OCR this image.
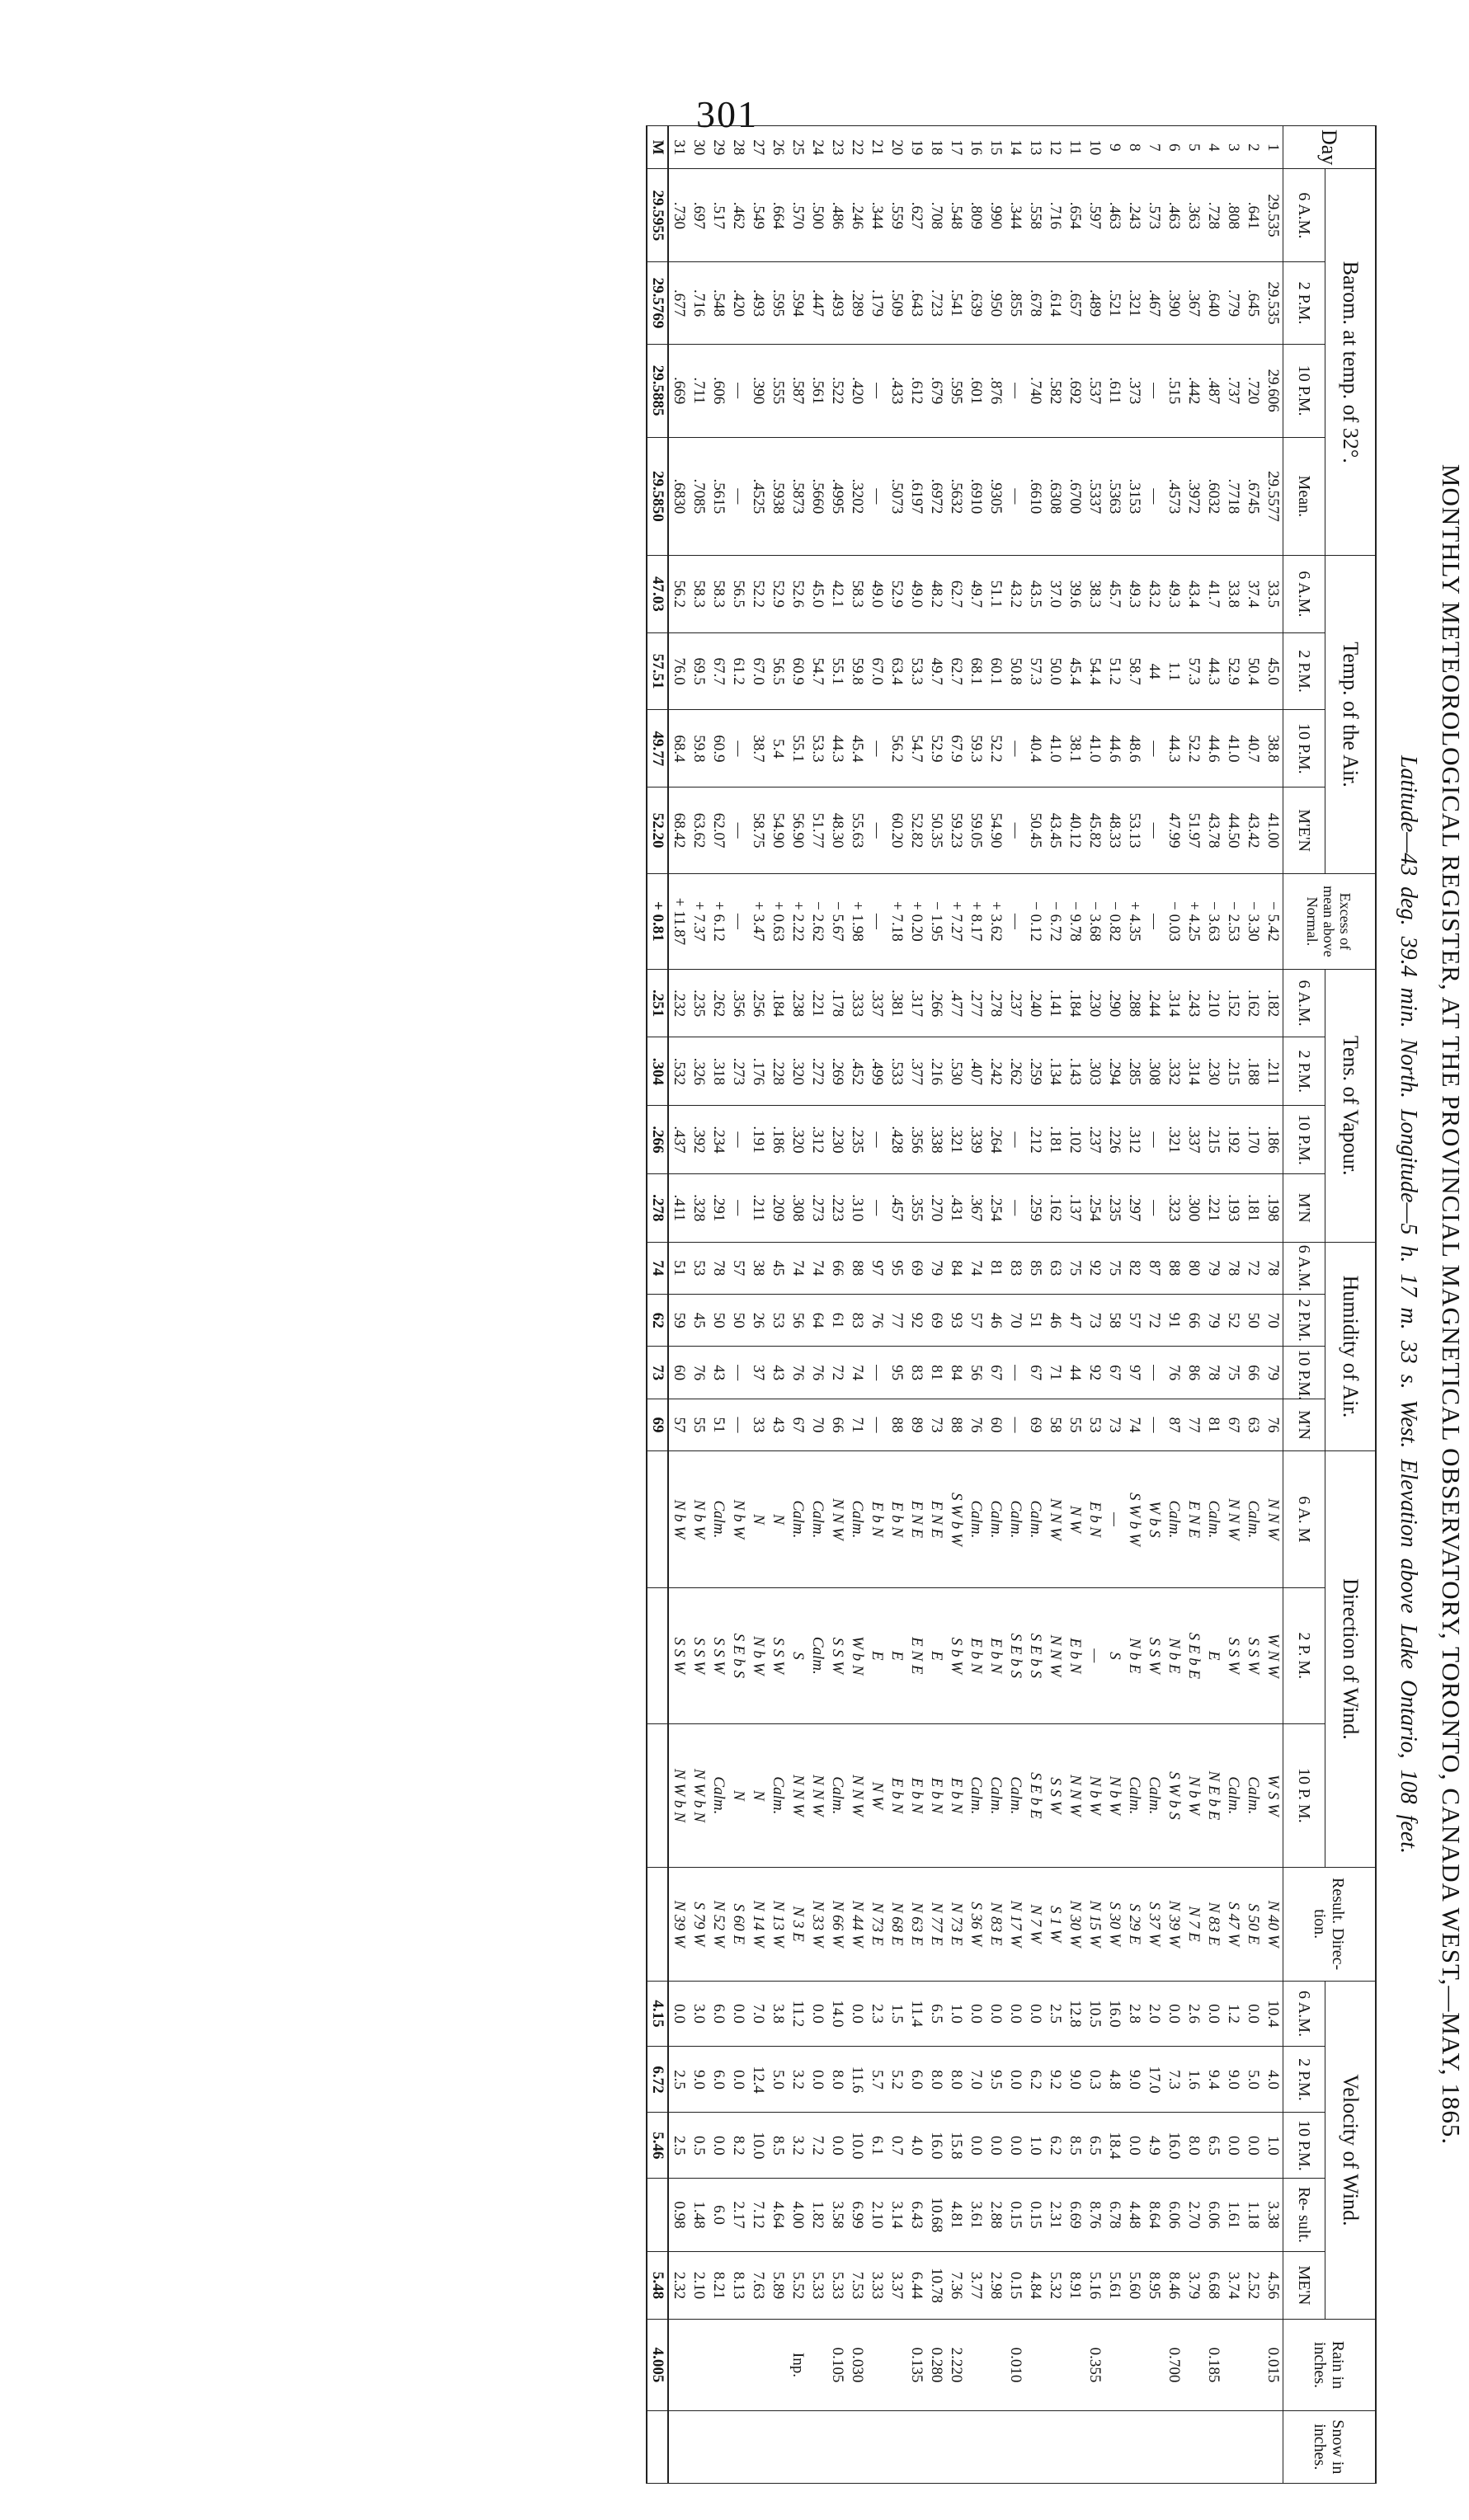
301
MONTHLY METEOROLOGICAL REGISTER, AT THE PROVINCIAL MAGNETICAL OBSERVATORY, TORONTO, CANADA WEST,—MAY, 1865.
Latitude—43 deg. 39.4 min. North. Longitude—5 h. 17 m. 33 s. West. Elevation above Lake Ontario, 108 feet.
Day	Barom. at temp. of 32°.				Temp. of the Air.				Excess of mean above Normal.	Tens. of Vapour.				Humidity of Air.				Direction of Wind.			Result. Direc- tion.	Velocity of Wind.					Rain in inches.	Snow in inches.
	6 A.M.	2 P.M.	10 P.M.	Mean.	6 A.M.	2 P.M.	10 P.M.	M'E'N		6 A.M.	2 P.M.	10 P.M.	M'N	6 A.M.	2 P.M.	10 P.M.	M'N	6 A. M	2 P. M.	10 P. M.		6 A.M.	2 P.M.	10 P.M.	Re- sult.	ME'N		
1	29.535	29.535	29.606	29.5577	33.5	45.0	38.8	41.00	− 5.42	.182	.211	.186	.198	78	70	79	76	N N W	W N W	W S W	N 40 W	10.4	4.0	1.0	3.38	4.56	0.015	
2	.641	.645	.720	.6745	37.4	50.4	40.7	43.42	− 3.30	.162	.188	.170	.181	72	50	66	63	Calm.	S S W	Calm.	S 50 E	0.0	5.0	0.0	1.18	2.52		
3	.808	.779	.737	.7718	33.8	52.9	41.0	44.50	− 2.53	.152	.215	.192	.193	78	52	75	67	N N W	S S W	Calm.	S 47 W	1.2	9.0	0.0	1.61	3.74		
4	.728	.640	.487	.6032	41.7	44.3	44.6	43.78	− 3.63	.210	.230	.215	.221	79	79	78	81	Calm.	E	N E b E	N 83 E	0.0	9.4	6.5	6.06	6.68	0.185	
5	.363	.367	.442	.3972	43.4	57.3	52.2	51.97	+ 4.25	.243	.314	.337	.300	80	66	86	77	E N E	S E b E	N b W	N 7 E	2.6	1.6	8.0	2.70	3.79		
6	.463	.390	.515	.4573	49.3	1.1	44.3	47.99	− 0.03	.314	.332	.321	.323	88	91	76	87	Calm.	N b E	S W b S	N 39 W	0.0	7.3	16.0	6.06	8.46	0.700	
7	.573	.467	—	—	43.2	44	—	—	—	.244	.308	—	—	87	72	—	—	W b S	S S W	Calm.	S 37 W	2.0	17.0	4.9	8.64	8.95		
8	.243	.321	.373	.3153	49.3	58.7	48.6	53.13	+ 4.35	.288	.285	.312	.297	82	57	97	74	S W b W	N b E	Calm.	S 29 E	2.8	9.0	0.0	4.48	5.60		
9	.463	.521	.611	.5363	45.7	51.2	44.6	48.33	− 0.82	.290	.294	.226	.235	75	58	67	73	—	S	N b W	S 30 W	16.0	4.8	18.4	6.78	5.61		
10	.597	.489	.537	.5337	38.3	54.4	41.0	45.82	− 3.68	.230	.303	.237	.254	92	73	92	53	E b N	—	N b W	N 15 W	10.5	0.3	6.5	8.76	5.16	0.355	
11	.654	.657	.692	.6700	39.6	45.4	38.1	40.12	− 9.78	.184	.143	.102	.137	75	47	44	55	N W	E b N	N N W	N 30 W	12.8	9.0	8.5	6.69	8.91		
12	.716	.614	.582	.6308	37.0	50.0	41.0	43.45	− 6.72	.141	.134	.181	.162	63	46	71	58	N N W	N N W	S S W	S 1 W	2.5	9.2	6.2	2.31	5.32		
13	.558	.678	.740	.6610	43.5	57.3	40.4	50.45	− 0.12	.240	.259	.212	.259	85	51	67	69	Calm.	S E b S	S E b E	N 7 W	0.0	6.2	1.0	0.15	4.84		
14	.344	.855	—	—	43.2	50.8	—	—	—	.237	.262	—	—	83	70	—	—	Calm.	S E b S	Calm.	N 17 W	0.0	0.0	0.0	0.15	0.15	0.010	
15	.990	.950	.876	.9305	51.1	60.1	52.2	54.90	+ 3.62	.278	.242	.264	.254	81	46	67	60	Calm.	E b N	Calm.	N 83 E	0.0	9.5	0.0	2.88	2.98		
16	.809	.639	.601	.6910	49.7	68.1	59.3	59.05	+ 8.17	.277	.407	.339	.367	74	57	56	76	Calm.	E b N	Calm.	S 36 W	0.0	7.0	0.0	3.61	3.77		
17	.548	.541	.595	.5632	62.7	62.7	67.9	59.23	+ 7.27	.477	.530	.321	.431	84	93	84	88	S W b W	S b W	E b N	N 73 E	1.0	8.0	15.8	4.81	7.36	2.220	
18	.708	.723	.679	.6972	48.2	49.7	52.9	50.35	− 1.95	.266	.216	.338	.270	79	69	81	73	E N E	E	E b N	N 77 E	6.5	8.0	16.0	10.68	10.78	0.280	
19	.627	.643	.612	.6197	49.0	53.3	54.7	52.82	+ 0.20	.317	.377	.356	.355	69	92	83	89	E N E	E N E	E b N	N 63 E	11.4	6.0	4.0	6.43	6.44	0.135	
20	.559	.509	.433	.5073	52.9	63.4	56.2	60.20	+ 7.18	.381	.533	.428	.457	95	77	95	88	E b N	E	E b N	N 68 E	1.5	5.2	0.7	3.14	3.37		
21	.344	.179	—	—	49.0	67.0	—	—	—	.337	.499	—	—	97	76	—	—	E b N	E	N W	N 73 E	2.3	5.7	6.1	2.10	3.33		
22	.246	.289	.420	.3202	58.3	59.8	45.4	55.63	+ 1.98	.333	.452	.235	.310	88	83	74	71	Calm.	W b N	N N W	N 44 W	0.0	11.6	10.0	6.99	7.53	0.030	
23	.486	.493	.522	.4995	42.1	55.1	44.3	48.30	− 5.67	.178	.269	.230	.223	66	61	72	66	N N W	S S W	Calm.	N 66 W	14.0	8.0	0.0	3.58	5.33	0.105	
24	.500	.447	.561	.5660	45.0	54.7	53.3	51.77	− 2.62	.221	.272	.312	.273	74	64	76	70	Calm.	Calm.	N N W	N 33 W	0.0	0.0	7.2	1.82	5.33		
25	.570	.594	.587	.5873	52.6	60.9	55.1	56.90	+ 2.22	.238	.320	.320	.308	74	56	76	67	Calm.	S	N N W	N 3 E	11.2	3.2	3.2	4.00	5.52	Inp.	
26	.664	.595	.555	.5938	52.9	56.5	5.4	54.90	+ 0.63	.184	.228	.186	.209	45	53	43	43	N	S S W	Calm.	N 13 W	3.8	5.0	8.5	4.64	5.89		
27	.549	.493	.390	.4525	52.2	67.0	38.7	58.75	+ 3.47	.256	.176	.191	.211	38	26	37	33	N	N b W	N	N 14 W	7.0	12.4	10.0	7.12	7.63		
28	.462	.420	—	—	56.5	61.2	—	—	—	.356	.273	—	—	57	50	—	—	N b W	S E b S	N	S 60 E	0.0	0.0	8.2	2.17	8.13		
29	.517	.548	.606	.5615	58.3	67.7	60.9	62.07	+ 6.12	.262	.318	.234	.291	78	50	43	51	Calm.	S S W	Calm.	N 52 W	6.0	6.0	0.0	6.0	8.21		
30	.697	.716	.711	.7085	58.3	69.5	59.8	63.62	+ 7.37	.235	.326	.392	.328	53	45	76	55	N b W	S S W	N W b N	S 79 W	3.0	9.0	0.5	1.48	2.10		
31	.730	.677	.669	.6830	56.2	76.0	68.4	68.42	+ 11.87	.232	.532	.437	.411	51	59	60	57	N b W	S S W	N W b N	N 39 W	0.0	2.5	2.5	0.98	2.32		
M	29.5955	29.5769	29.5885	29.5850	47.03	57.51	49.77	52.20	+ 0.81	.251	.304	.266	.278	74	62	73	69					4.15	6.72	5.46		5.48	4.005	
